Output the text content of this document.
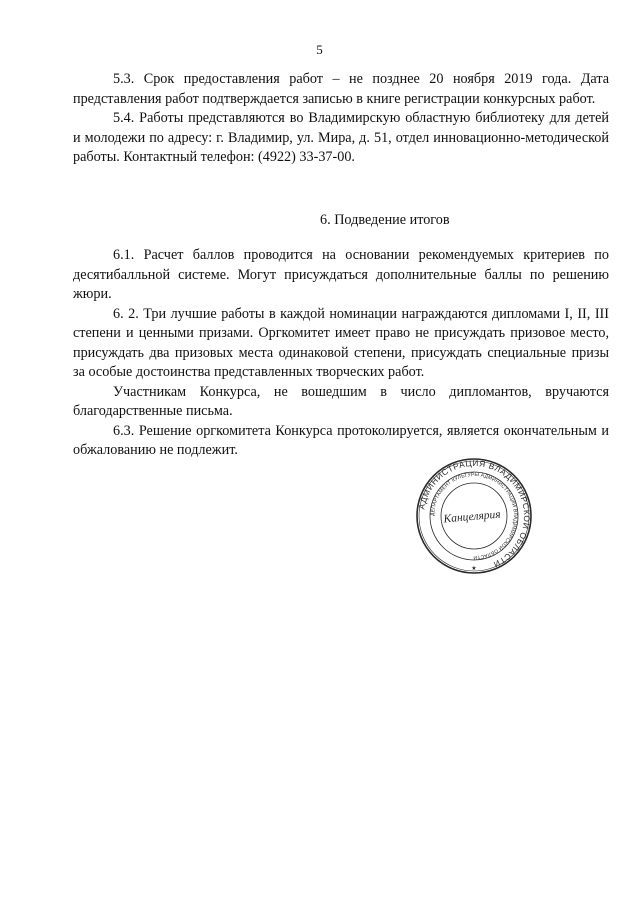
5

5.3. Срок предоставления работ – не позднее 20 ноября 2019 года. Дата представления работ подтверждается записью в книге регистрации конкурсных работ.

5.4. Работы представляются во Владимирскую областную библиотеку для детей и молодежи по адресу: г. Владимир, ул. Мира, д. 51, отдел инновационно-методической работы. Контактный телефон: (4922) 33-37-00.

6. Подведение итогов

6.1. Расчет баллов проводится на основании рекомендуемых критериев по десятибалльной системе. Могут присуждаться дополнительные баллы по решению жюри.

6. 2. Три лучшие работы в каждой номинации награждаются дипломами I, II, III степени и ценными призами. Оргкомитет имеет право не присуждать призовое место, присуждать два призовых места одинаковой степени, присуждать специальные призы за особые достоинства представленных творческих работ.

Участникам Конкурса, не вошедшим в число дипломантов, вручаются благодарственные письма.

6.3. Решение оргкомитета Конкурса протоколируется, является окончательным и обжалованию не подлежит.

АДМИНИСТРАЦИЯ ВЛАДИМИРСКОЙ ОБЛАСТИ
ДЕПАРТАМЕНТ КУЛЬТУРЫ АДМИНИСТРАЦИИ ВЛАДИМИРСКОЙ ОБЛАСТИ
Канцелярия
★
